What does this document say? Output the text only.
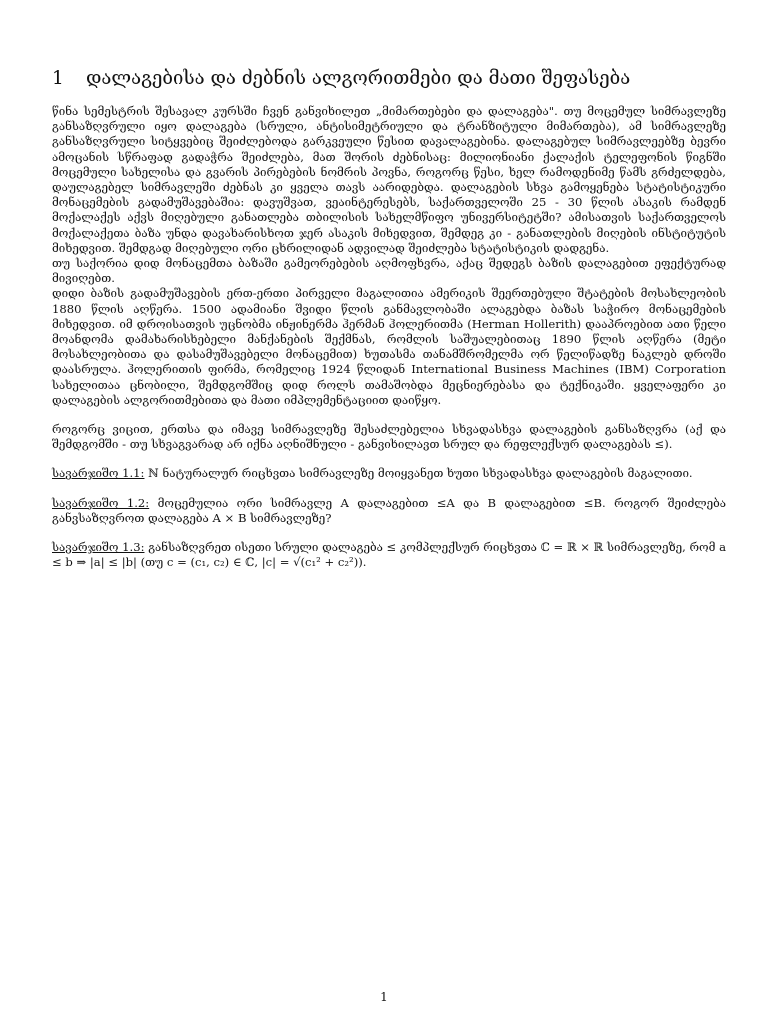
1 დალაგებისა და ძებნის ალგორითმები და მათი შეფასება

წინა სემესტრის შესავალ კურსში ჩვენ განვიხილეთ „მიმართებები და დალაგება". თუ მოცემულ სიმრავლეზე განსაზღვრული იყო დალაგება (სრული, ანტისიმეტრიული და ტრანზიტული მიმართება), ამ სიმრავლეზე განსაზღვრული სიტყვებიც შეიძლებოდა გარკვეული წესით დავალაგებინა. დალაგებულ სიმრავლეებზე ბევრი ამოცანის სწრაფად გადაჭრა შეიძლება, მათ შორის ძებნისაც: მილიონიანი ქალაქის ტელეფონის წიგნში მოცემული სახელისა და გვარის პირებების ნომრის პოვნა, როგორც წესი, ხელ რამოდენიმე წამს გრძელდება, დაულაგებელ სიმრავლეში ძებნას კი ყველა თავს აარიდებდა. დალაგების სხვა გამოყენება სტატისტიკური მონაცემების გადამუშავებაშია: დავუშვათ, ვეაინტერესებს, საქართველოში 25 - 30 წლის ასაკის რამდენ მოქალაქეს აქვს მიღებული განათლება თბილისის სახელმწიფო უნივერსიტეტში? ამისათვის საქართველოს მოქალაქეთა ბაზა უნდა დავახარისხოთ ჯერ ასაკის მიხედვით, შემდეგ კი - განათლების მიღების ინსტიტუტის მიხედვით. შემდგად მიღებული ორი ცხრილიდან ადვილად შეიძლება სტატისტიკის დადგენა.

თუ საქორია დიდ მონაცემთა ბაზაში გამეორებების აღმოფხვრა, აქაც შედეგს ბაზის დალაგებით ეფექტურად მივიღებთ.

დიდი ბაზის გადამუშავების ერთ-ერთი პირველი მაგალითია ამერიკის შეერთებული შტატების მოსახლეობის 1880 წლის აღწერა. 1500 ადამიანი შვიდი წლის განმავლობაში ალაგებდა ბაზას საჭირო მონაცემების მიხედვით. იმ დროისათვის უცნობმა ინჟინერმა ჰერმან ჰოლერითმა (Herman Hollerith) დააპროებით ათი წელი მოანდომა დამახარისხებელი მანქანების შექმნას, რომლის საშუალებითაც 1890 წლის აღწერა (მეტი მოსახლეობითა და დასამუშავებელი მონაცემით) ხუთასმა თანამშრომელმა ორ წელიწადზე ნაკლებ დროში დაასრულა. ჰოლერითის ფირმა, რომელიც 1924 წლიდან International Business Machines (IBM) Corporation სახელითაა ცნობილი, შემდგომშიც დიდ როლს თამაშობდა მეცნიერებასა და ტექნიკაში. ყველაფერი კი დალაგების ალგორითმებითა და მათი იმპლემენტაციით დაიწყო.

როგორც ვიცით, ერთსა და იმავე სიმრავლეზე შესაძლებელია სხვადასხვა დალაგების განსაზღვრა (აქ და შემდგომში - თუ სხვაგვარად არ იქნა აღნიშნული - განვიხილავთ სრულ და რეფლექსურ დალაგებას ≤).

სავარჯიშო 1.1: ℕ ნატურალურ რიცხვთა სიმრავლეზე მოიყვანეთ ხუთი სხვადასხვა დალაგების მაგალითი.

სავარჯიშო 1.2: მოცემულია ორი სიმრავლე A დალაგებით ≤A და B დალაგებით ≤B. როგორ შეიძლება განვსაზღვროთ დალაგება A × B სიმრავლეზე?

სავარჯიშო 1.3: განსაზღვრეთ ისეთი სრული დალაგება ≤ კომპლექსურ რიცხვთა ℂ = ℝ × ℝ სიმრავლეზე, რომ a ≤ b ⇒ |a| ≤ |b| (თუ c = (c₁, c₂) ∈ ℂ, |c| = √(c₁² + c₂²)).

1
